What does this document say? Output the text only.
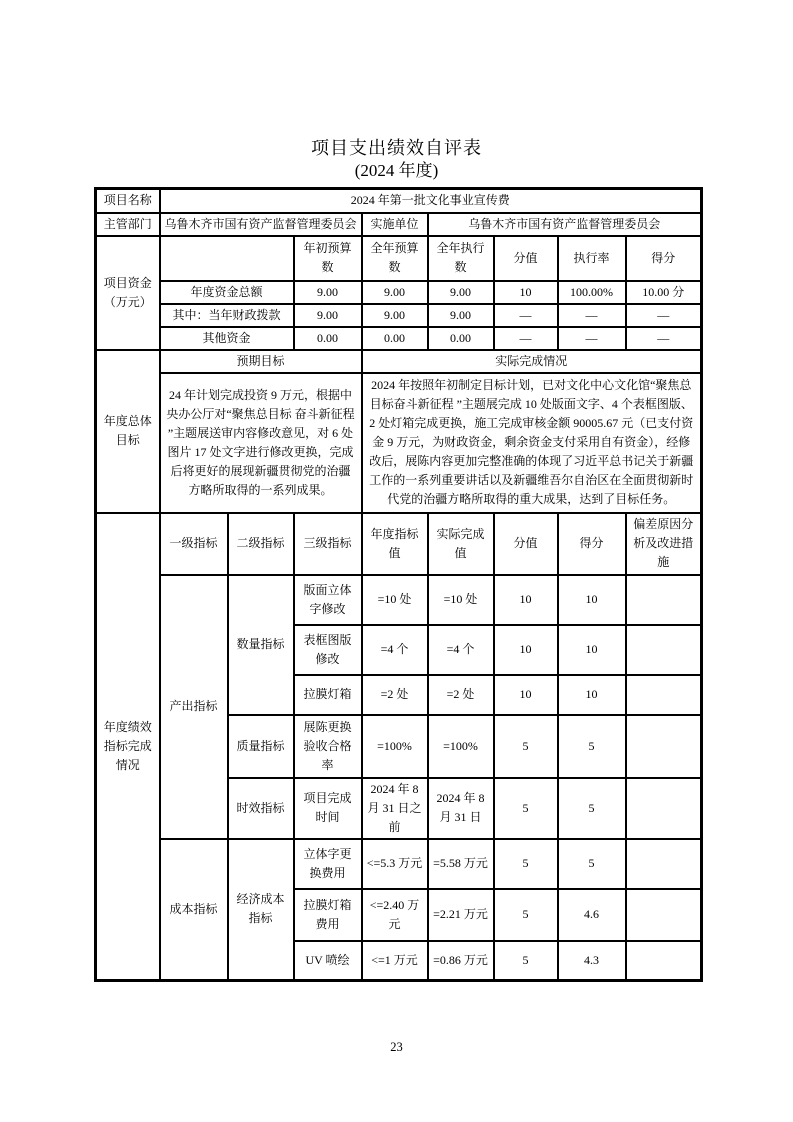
项目支出绩效自评表
(2024 年度)
项目名称	2024 年第一批文化事业宣传费							
主管部门	乌鲁木齐市国有资产监督管理委员会			实施单位	乌鲁木齐市国有资产监督管理委员会			
项目资金（万元）			年初预算数	全年预算数	全年执行数	分值	执行率	得分
	年度资金总额		9.00	9.00	9.00	10	100.00%	10.00 分
	其中：当年财政拨款		9.00	9.00	9.00	—	—	—
	其他资金		0.00	0.00	0.00	—	—	—
年度总体目标	预期目标			实际完成情况				
	24 年计划完成投资 9 万元，根据中央办公厅对“聚焦总目标 奋斗新征程 ”主题展送审内容修改意见，对 6 处图片 17 处文字进行修改更换，完成后将更好的展现新疆贯彻党的治疆方略所取得的一系列成果。			2024 年按照年初制定目标计划，已对文化中心文化馆“聚焦总目标奋斗新征程 ”主题展完成 10 处版面文字、4 个表框图版、2 处灯箱完成更换，施工完成审核金额 90005.67 元（已支付资金 9 万元，为财政资金，剩余资金支付采用自有资金），经修改后，展陈内容更加完整准确的体现了习近平总书记关于新疆工作的一系列重要讲话以及新疆维吾尔自治区在全面贯彻新时代党的治疆方略所取得的重大成果，达到了目标任务。				
年度绩效指标完成情况	一级指标	二级指标	三级指标	年度指标值	实际完成值	分值	得分	偏差原因分析及改进措施
	产出指标	数量指标	版面立体字修改	=10 处	=10 处	10	10	
			表框图版修改	=4 个	=4 个	10	10	
			拉膜灯箱	=2 处	=2 处	10	10	
		质量指标	展陈更换验收合格率	=100%	=100%	5	5	
		时效指标	项目完成时间	2024 年 8 月 31 日之前	2024 年 8 月 31 日	5	5	
	成本指标	经济成本指标	立体字更换费用	<=5.3 万元	=5.58 万元	5	5	
			拉膜灯箱费用	<=2.40 万元	=2.21 万元	5	4.6	
			UV 喷绘	<=1 万元	=0.86 万元	5	4.3	
23
